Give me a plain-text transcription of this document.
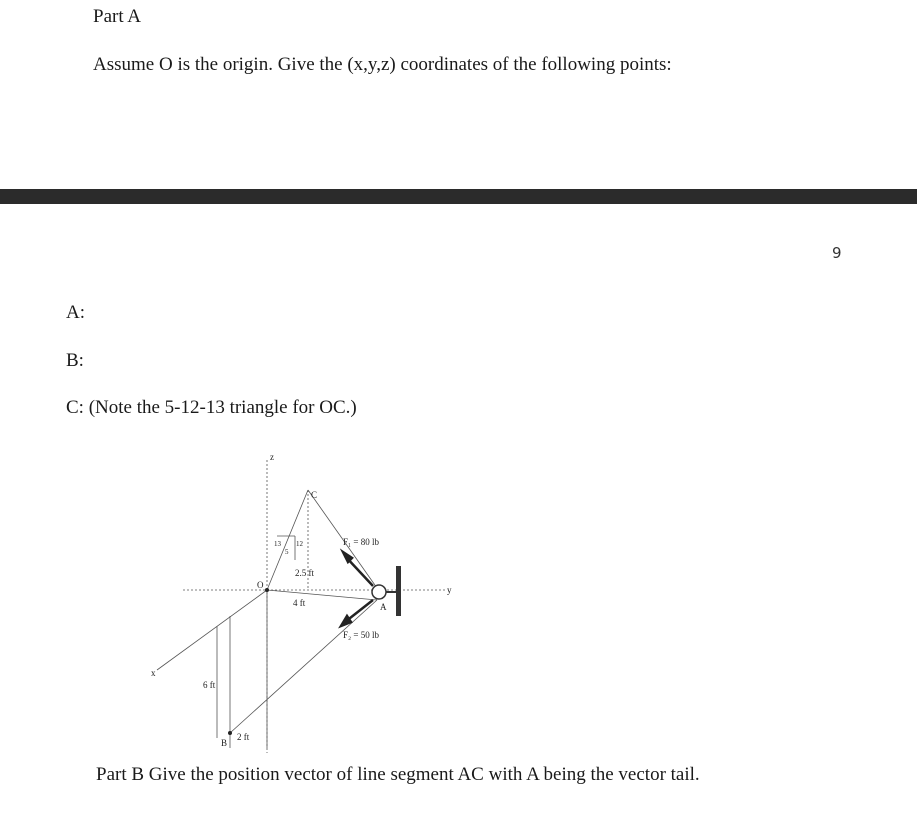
Part A
Assume O is the origin. Give the (x,y,z) coordinates of the following points:
9
A:
B:
C: (Note the 5-12-13 triangle for OC.)
z
x
y
O
C
A
B
13 12
5
2.5 ft
4 ft
6 ft
2 ft
F₁ = 80 lb
F₂ = 50 lb
Part B Give the position vector of line segment AC with A being the vector tail.
